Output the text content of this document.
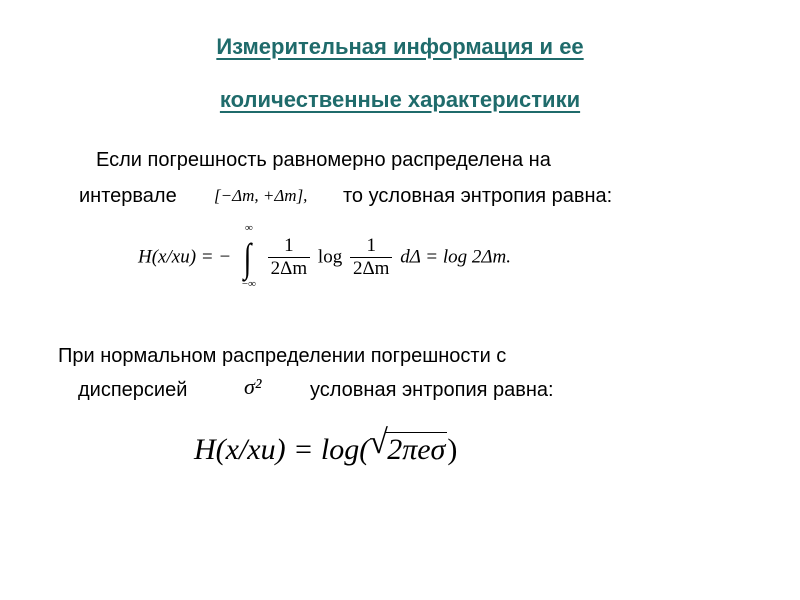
Измерительная информация и ее
количественные характеристики
Если погрешность равномерно распределена на
интервале [−Δm, +Δm], то условная энтропия равна:
H(x/xи) = −
∞
∫
−∞

$\frac{1}{2\Delta m}$ $\log \frac{1}{2\Delta m}$ dΔ = log 2Δm.
При нормальном распределении погрешности с
дисперсией	σ² условная энтропия равна:
H(x/xи) = log( √ 2πeσ)
